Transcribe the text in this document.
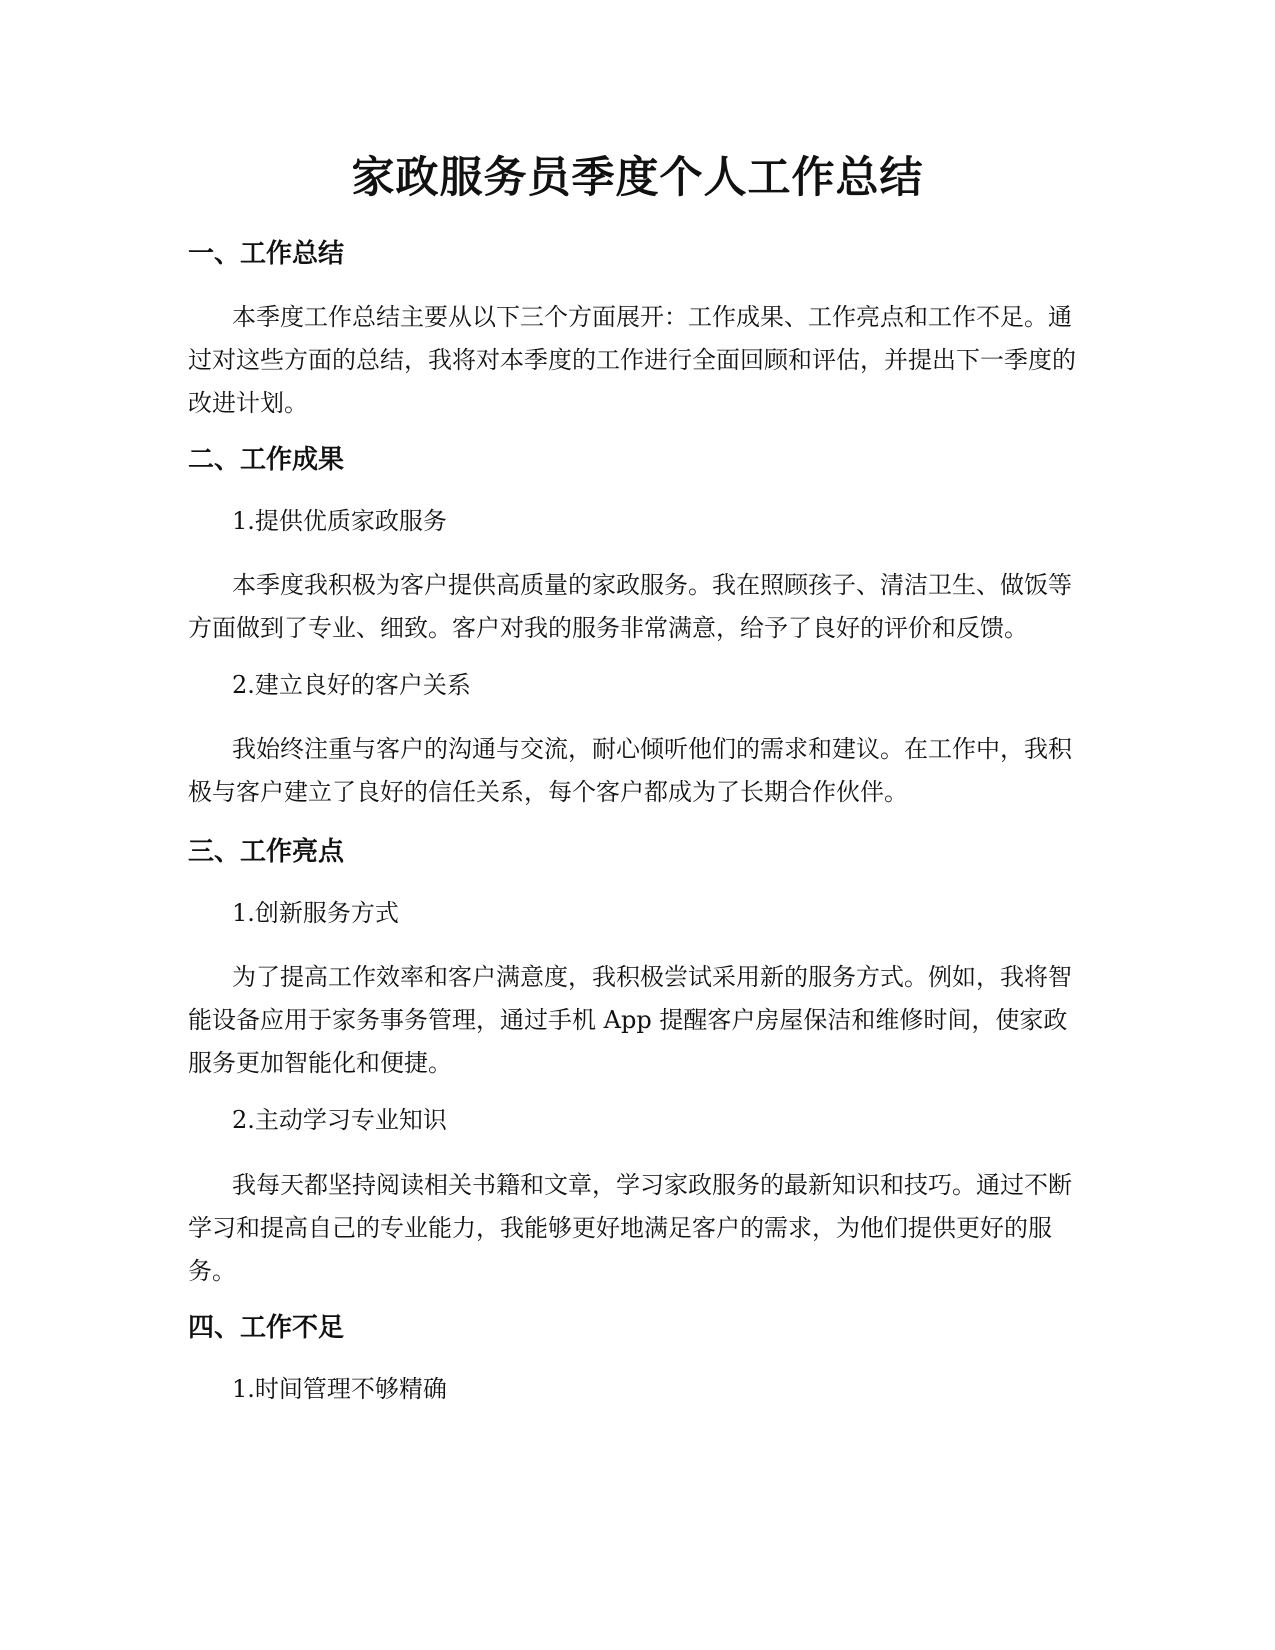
家政服务员季度个人工作总结
一、工作总结

本季度工作总结主要从以下三个方面展开：工作成果、工作亮点和工作不足。通过对这些方面的总结，我将对本季度的工作进行全面回顾和评估，并提出下一季度的改进计划。

二、工作成果

1.提供优质家政服务

本季度我积极为客户提供高质量的家政服务。我在照顾孩子、清洁卫生、做饭等方面做到了专业、细致。客户对我的服务非常满意，给予了良好的评价和反馈。

2.建立良好的客户关系

我始终注重与客户的沟通与交流，耐心倾听他们的需求和建议。在工作中，我积极与客户建立了良好的信任关系，每个客户都成为了长期合作伙伴。

三、工作亮点

1.创新服务方式

为了提高工作效率和客户满意度，我积极尝试采用新的服务方式。例如，我将智能设备应用于家务事务管理，通过手机 App 提醒客户房屋保洁和维修时间，使家政服务更加智能化和便捷。

2.主动学习专业知识

我每天都坚持阅读相关书籍和文章，学习家政服务的最新知识和技巧。通过不断学习和提高自己的专业能力，我能够更好地满足客户的需求，为他们提供更好的服务。

四、工作不足

1.时间管理不够精确
